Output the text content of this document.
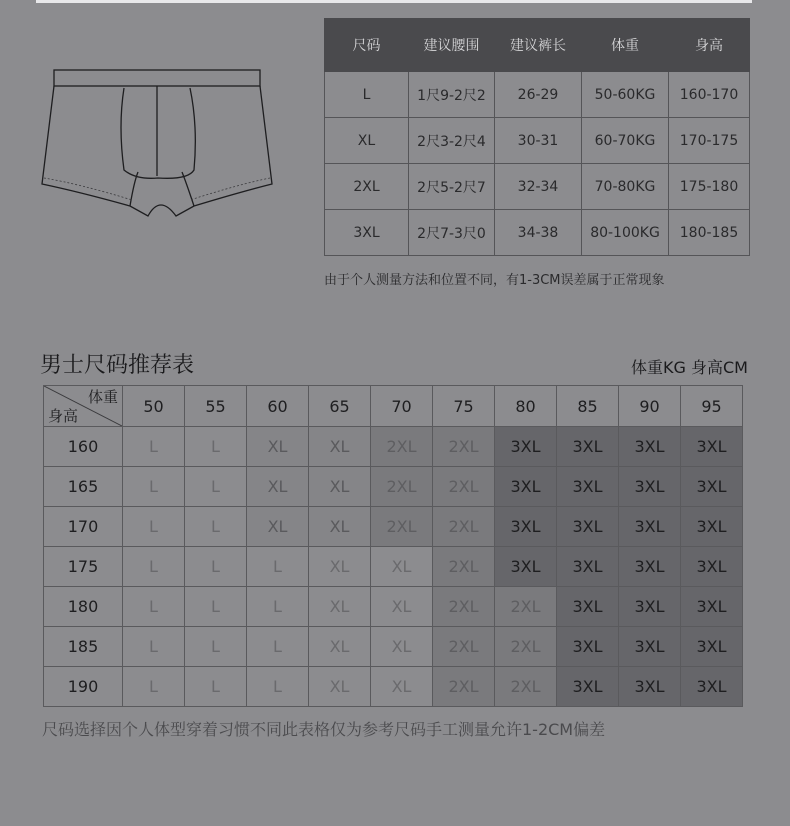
尺码	建议腰围	建议裤长	体重	身高
L	1尺9-2尺2	26-29	50-60KG	160-170
XL	2尺3-2尺4	30-31	60-70KG	170-175
2XL	2尺5-2尺7	32-34	70-80KG	175-180
3XL	2尺7-3尺0	34-38	80-100KG	180-185
由于个人测量方法和位置不同，有1-3CM误差属于正常现象
男士尺码推荐表	体重KG 身高CM
体重
身高	50	55	60	65	70	75	80	85	90	95
160	L	L	XL	XL	2XL	2XL	3XL	3XL	3XL	3XL
165	L	L	XL	XL	2XL	2XL	3XL	3XL	3XL	3XL
170	L	L	XL	XL	2XL	2XL	3XL	3XL	3XL	3XL
175	L	L	L	XL	XL	2XL	3XL	3XL	3XL	3XL
180	L	L	L	XL	XL	2XL	2XL	3XL	3XL	3XL
185	L	L	L	XL	XL	2XL	2XL	3XL	3XL	3XL
190	L	L	L	XL	XL	2XL	2XL	3XL	3XL	3XL
尺码选择因个人体型穿着习惯不同此表格仅为参考尺码手工测量允许1-2CM偏差
